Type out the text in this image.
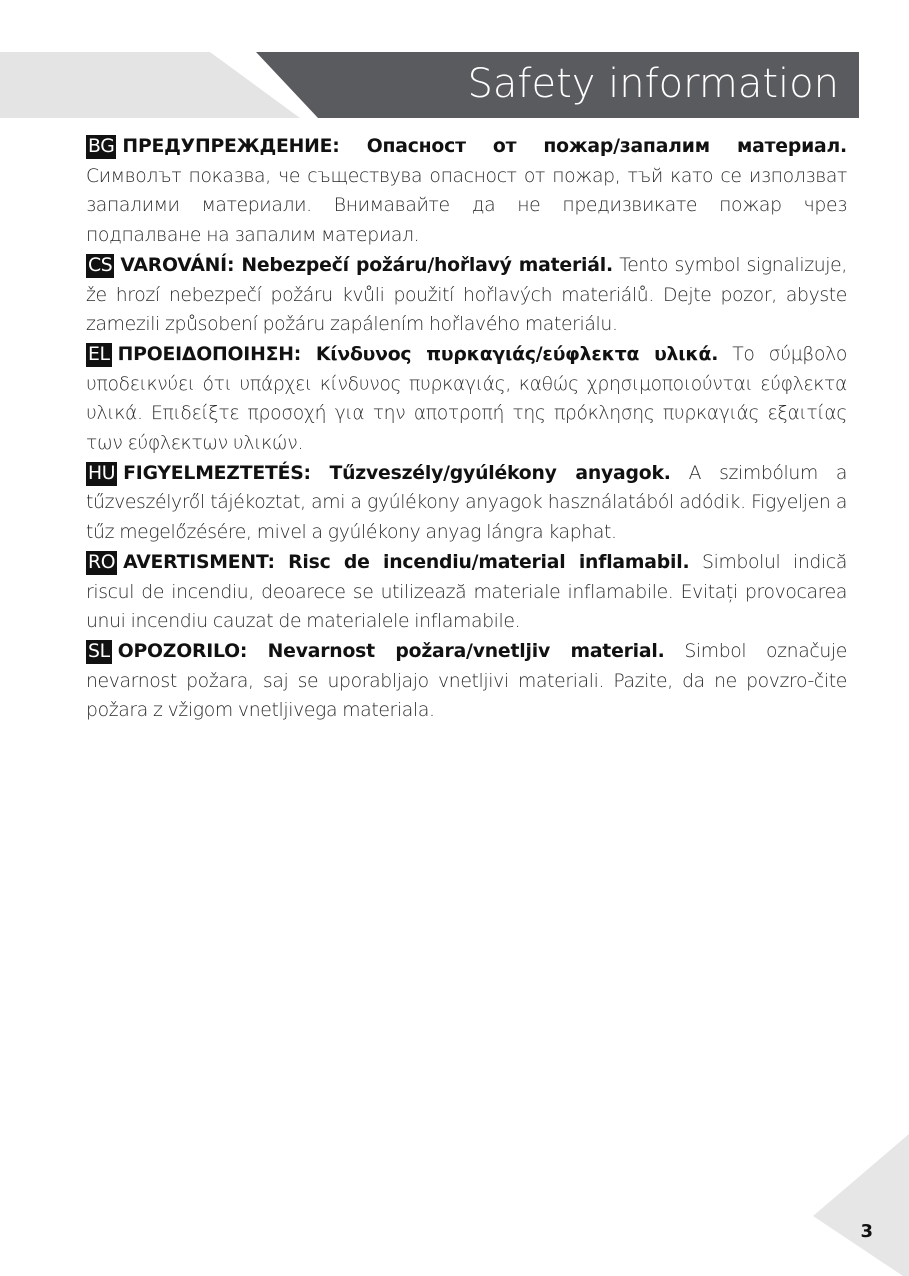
Safety information

BG ПРЕДУПРЕЖДЕНИЕ: Опасност от пожар/запалим материал. Символът показва, че съществува опасност от пожар, тъй като се използват запалими материали. Внимавайте да не предизвикате пожар чрез подпалване на запалим материал.

CS VAROVÁNÍ: Nebezpečí požáru/hořlavý materiál. Tento symbol signalizuje, že hrozí nebezpečí požáru kvůli použití hořlavých materiálů. Dejte pozor, abyste zamezili způsobení požáru zapálením hořlavého materiálu.

EL ΠΡΟΕΙΔΟΠΟΙΗΣΗ: Κίνδυνος πυρκαγιάς/εύφλεκτα υλικά. Το σύμβολο υποδεικνύει ότι υπάρχει κίνδυνος πυρκαγιάς, καθώς χρησιμοποιούνται εύφλεκτα υλικά. Επιδείξτε προσοχή για την αποτροπή της πρόκλησης πυρκαγιάς εξαιτίας των εύφλεκτων υλικών.

HU FIGYELMEZTETÉS: Tűzveszély/gyúlékony anyagok. A szimbólum a tűzveszélyről tájékoztat, ami a gyúlékony anyagok használatából adódik. Figyeljen a tűz megelőzésére, mivel a gyúlékony anyag lángra kaphat.

RO AVERTISMENT: Risc de incendiu/material inflamabil. Simbolul indică riscul de incendiu, deoarece se utilizează materiale inflamabile. Evitați provocarea unui incendiu cauzat de materialele inflamabile.

SL OPOZORILO: Nevarnost požara/vnetljiv material. Simbol označuje nevarnost požara, saj se uporabljajo vnetljivi materiali. Pazite, da ne povzro-čite požara z vžigom vnetljivega materiala.

3
